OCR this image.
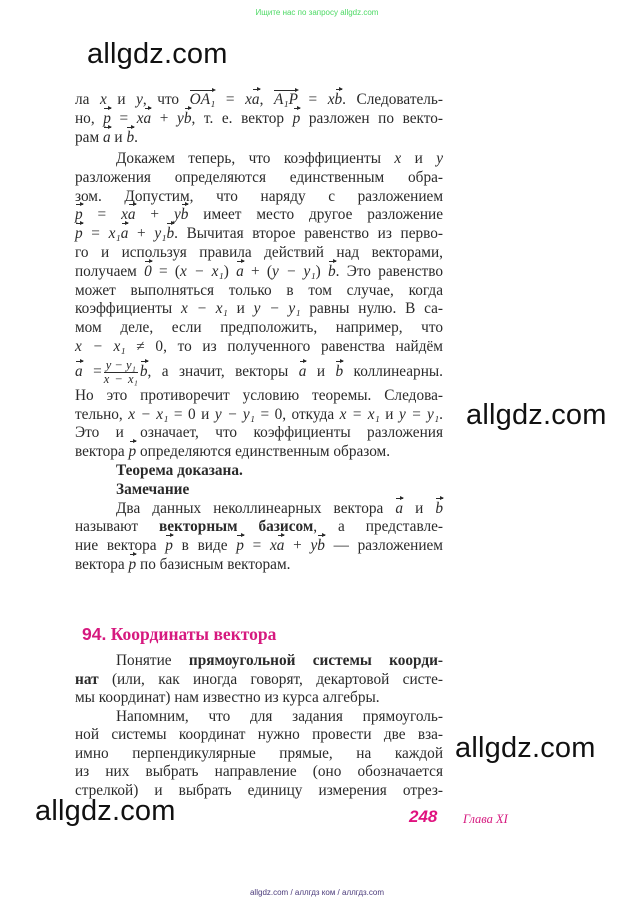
Ищите нас по запросу allgdz.com
allgdz.com
allgdz.com
allgdz.com
allgdz.com
ла x и y, что OA₁ = xa, A₁P = xb. Следователь-
но, p = xa + yb, т. е. вектор p разложен по векто-
рам a и b.
Докажем теперь, что коэффициенты x и y
разложения определяются единственным обра-
зом. Допустим, что наряду с разложением
p = xa + yb имеет место другое разложение
p = x₁a + y₁b. Вычитая второе равенство из перво-
го и используя правила действий над векторами,
получаем 0 = (x − x₁) a + (y − y₁) b. Это равенство
может выполняться только в том случае, когда
коэффициенты x − x₁ и y − y₁ равны нулю. В са-
мом деле, если предположить, например, что
x − x₁ ≠ 0, то из полученного равенства найдём
$a = \frac{\text{y − y₁}}{\text{x − x₁}} b$, а значит, векторы a и b коллинеарны.
Но это противоречит условию теоремы. Следова-
тельно, x − x₁ = 0 и y − y₁ = 0, откуда x = x₁ и y = y₁.
Это и означает, что коэффициенты разложения
вектора p определяются единственным образом.
Теорема доказана.
Замечание
Два данных неколлинеарных вектора a и b
называют векторным базисом, а представле-
ние вектора p в виде p = xa + yb — разложением
вектора p по базисным векторам.
94. Координаты вектора
Понятие прямоугольной системы коорди-
нат (или, как иногда говорят, декартовой систе-
мы координат) нам известно из курса алгебры.
Напомним, что для задания прямоуголь-
ной системы координат нужно провести две вза-
имно перпендикулярные прямые, на каждой
из них выбрать направление (оно обозначается
стрелкой) и выбрать единицу измерения отрез-
248 Глава XI
allgdz.com / аллгдз ком / аллгдз.com
